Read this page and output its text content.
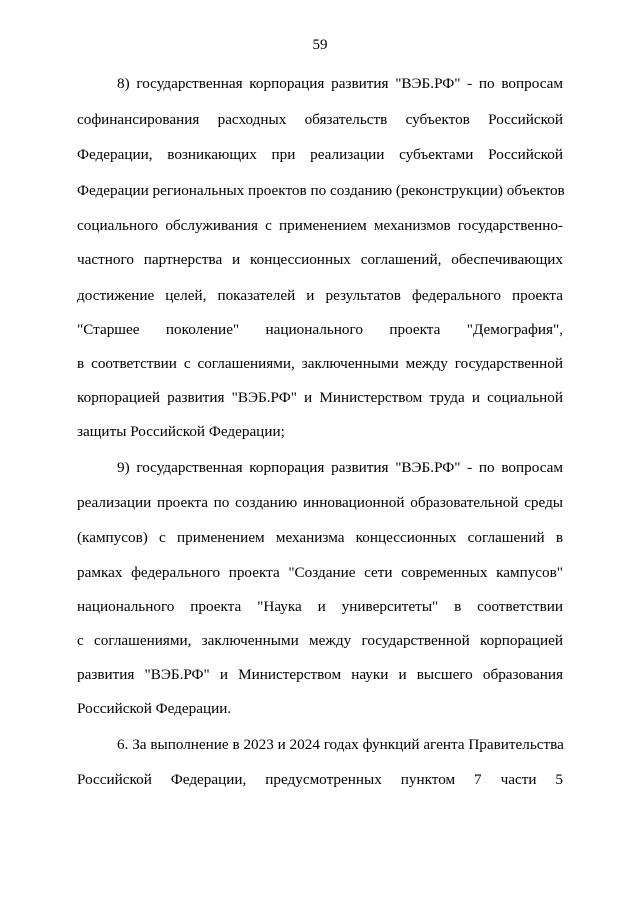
59
8) государственная корпорация развития "ВЭБ.РФ" - по вопросам
софинансирования расходных обязательств субъектов Российской
Федерации, возникающих при реализации субъектами Российской
Федерации региональных проектов по созданию (реконструкции) объектов
социального обслуживания с применением механизмов государственно-
частного партнерства и концессионных соглашений, обеспечивающих
достижение целей, показателей и результатов федерального проекта
"Старшее поколение" национального проекта "Демография",
в соответствии с соглашениями, заключенными между государственной
корпорацией развития "ВЭБ.РФ" и Министерством труда и социальной
защиты Российской Федерации;
9) государственная корпорация развития "ВЭБ.РФ" - по вопросам
реализации проекта по созданию инновационной образовательной среды
(кампусов) с применением механизма концессионных соглашений в
рамках федерального проекта "Создание сети современных кампусов"
национального проекта "Наука и университеты" в соответствии
с соглашениями, заключенными между государственной корпорацией
развития "ВЭБ.РФ" и Министерством науки и высшего образования
Российской Федерации.
6. За выполнение в 2023 и 2024 годах функций агента Правительства
Российской Федерации, предусмотренных пунктом 7 части 5
